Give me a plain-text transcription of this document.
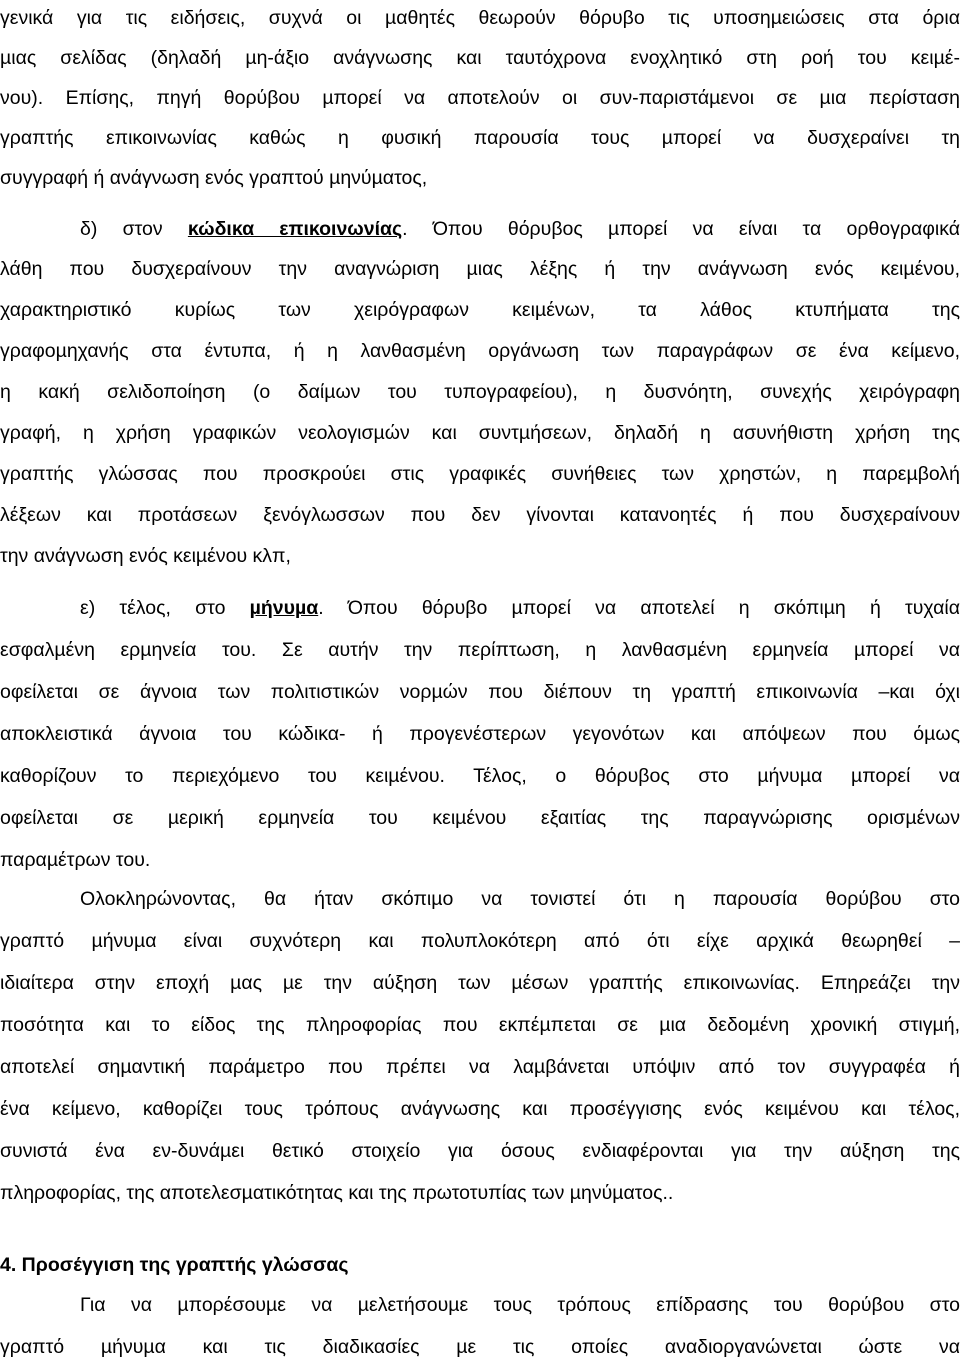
γενικά για τις ειδήσεις, συχνά οι µαθητές θεωρούν θόρυβο τις υποσηµειώσεις στα όρια
µιας σελίδας (δηλαδή µη-άξιο ανάγνωσης και ταυτόχρονα ενοχλητικό στη ροή του κειµέ-
νου). Επίσης, πηγή θορύβου µπορεί να αποτελούν οι συν-παριστάµενοι σε µια περίσταση
γραπτής επικοινωνίας καθώς η φυσική παρουσία τους µπορεί να δυσχεραίνει τη
συγγραφή ή ανάγνωση ενός γραπτού µηνύµατος,
δ) στον κώδικα επικοινωνίας. Όπου θόρυβος µπορεί να είναι τα ορθογραφικά
λάθη που δυσχεραίνουν την αναγνώριση µιας λέξης ή την ανάγνωση ενός κειµένου,
χαρακτηριστικό κυρίως των χειρόγραφων κειµένων, τα λάθος κτυπήµατα της
γραφοµηχανής στα έντυπα, ή η λανθασµένη οργάνωση των παραγράφων σε ένα κείµενο,
η κακή σελιδοποίηση (ο δαίµων του τυπογραφείου), η δυσνόητη, συνεχής χειρόγραφη
γραφή, η χρήση γραφικών νεολογισµών και συντµήσεων, δηλαδή η ασυνήθιστη χρήση της
γραπτής γλώσσας που προσκρούει στις γραφικές συνήθειες των χρηστών, η παρεµβολή
λέξεων και προτάσεων ξενόγλωσσων που δεν γίνονται κατανοητές ή που δυσχεραίνουν
την ανάγνωση ενός κειµένου κλπ,
ε) τέλος, στο µήνυµα. Όπου θόρυβο µπορεί να αποτελεί η σκόπιµη ή τυχαία
εσφαλµένη ερµηνεία του. Σε αυτήν την περίπτωση, η λανθασµένη ερµηνεία µπορεί να
οφείλεται σε άγνοια των πολιτιστικών νορµών που διέπουν τη γραπτή επικοινωνία –και όχι
αποκλειστικά άγνοια του κώδικα- ή προγενέστερων γεγονότων και απόψεων που όµως
καθορίζουν το περιεχόµενο του κειµένου. Τέλος, ο θόρυβος στο µήνυµα µπορεί να
οφείλεται σε µερική ερµηνεία του κειµένου εξαιτίας της παραγνώρισης ορισµένων
παραµέτρων του.
Ολοκληρώνοντας, θα ήταν σκόπιµο να τονιστεί ότι η παρουσία θορύβου στο
γραπτό µήνυµα είναι συχνότερη και πολυπλοκότερη από ότι είχε αρχικά θεωρηθεί –
ιδιαίτερα στην εποχή µας µε την αύξηση των µέσων γραπτής επικοινωνίας. Επηρεάζει την
ποσότητα και το είδος της πληροφορίας που εκπέµπεται σε µια δεδοµένη χρονική στιγµή,
αποτελεί σηµαντική παράµετρο που πρέπει να λαµβάνεται υπόψιν από τον συγγραφέα ή
ένα κείµενο, καθορίζει τους τρόπους ανάγνωσης και προσέγγισης ενός κειµένου και τέλος,
συνιστά ένα εν-δυνάµει θετικό στοιχείο για όσους ενδιαφέρονται για την αύξηση της
πληροφορίας, της αποτελεσµατικότητας και της πρωτοτυπίας των µηνύµατος..
4. Προσέγγιση της γραπτής γλώσσας
Για να µπορέσουµε να µελετήσουµε τους τρόπους επίδρασης του θορύβου στο
γραπτό µήνυµα και τις διαδικασίες µε τις οποίες αναδιοργανώνεται ώστε να
